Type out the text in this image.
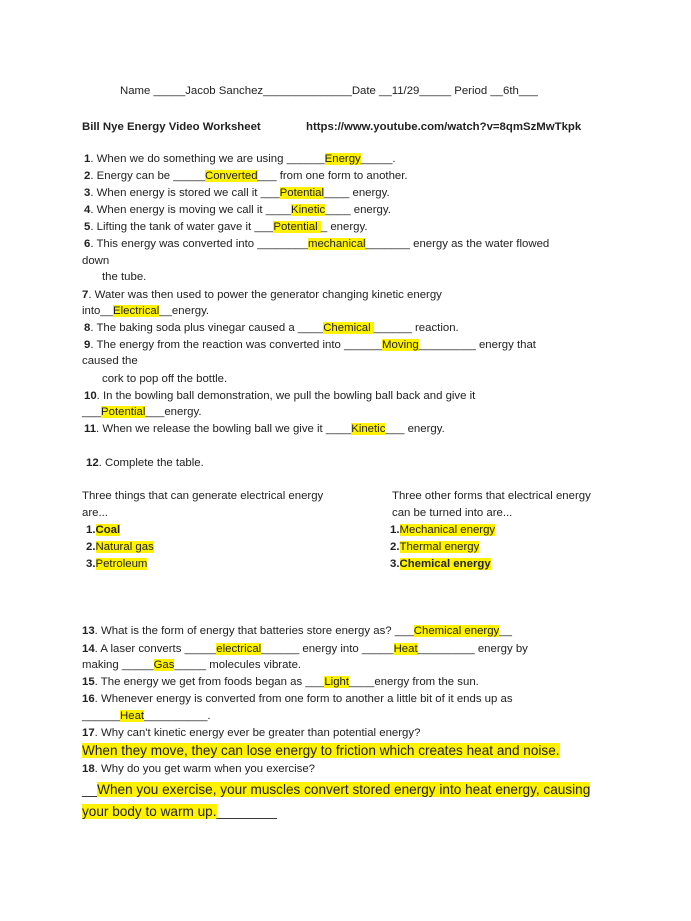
Name _____Jacob Sanchez______________Date __11/29_____ Period __6th___
Bill Nye Energy Video Worksheet	https://www.youtube.com/watch?v=8qmSzMwTkpk
1. When we do something we are using ______Energy_____.
2. Energy can be _____Converted___ from one form to another.
3. When energy is stored we call it ___Potential____ energy.
4. When energy is moving we call it ____Kinetic____ energy.
5. Lifting the tank of water gave it ___Potential _ energy.
6. This energy was converted into ________mechanical_______ energy as the water flowed
down
the tube.
7. Water was then used to power the generator changing kinetic energy
into__Electrical__energy.
8. The baking soda plus vinegar caused a ____Chemical ______ reaction.
9. The energy from the reaction was converted into ______Moving_________ energy that
caused the
cork to pop off the bottle.
10. In the bowling ball demonstration, we pull the bowling ball back and give it
___Potential___energy.
11. When we release the bowling ball we give it ____Kinetic___ energy.
12. Complete the table.
Three things that can generate electrical energy
are...
1.Coal
2.Natural gas
3.Petroleum
Three other forms that electrical energy
can be turned into are...
1.Mechanical energy
2.Thermal energy
3.Chemical energy
13. What is the form of energy that batteries store energy as? ___Chemical energy__
14. A laser converts _____electrical______ energy into _____Heat_________ energy by
making _____Gas_____ molecules vibrate.
15. The energy we get from foods began as ___Light____energy from the sun.
16. Whenever energy is converted from one form to another a little bit of it ends up as
______Heat__________.
17. Why can't kinetic energy ever be greater than potential energy?
When they move, they can lose energy to friction which creates heat and noise.
18. Why do you get warm when you exercise?
__When you exercise, your muscles convert stored energy into heat energy, causing
your body to warm up.________
